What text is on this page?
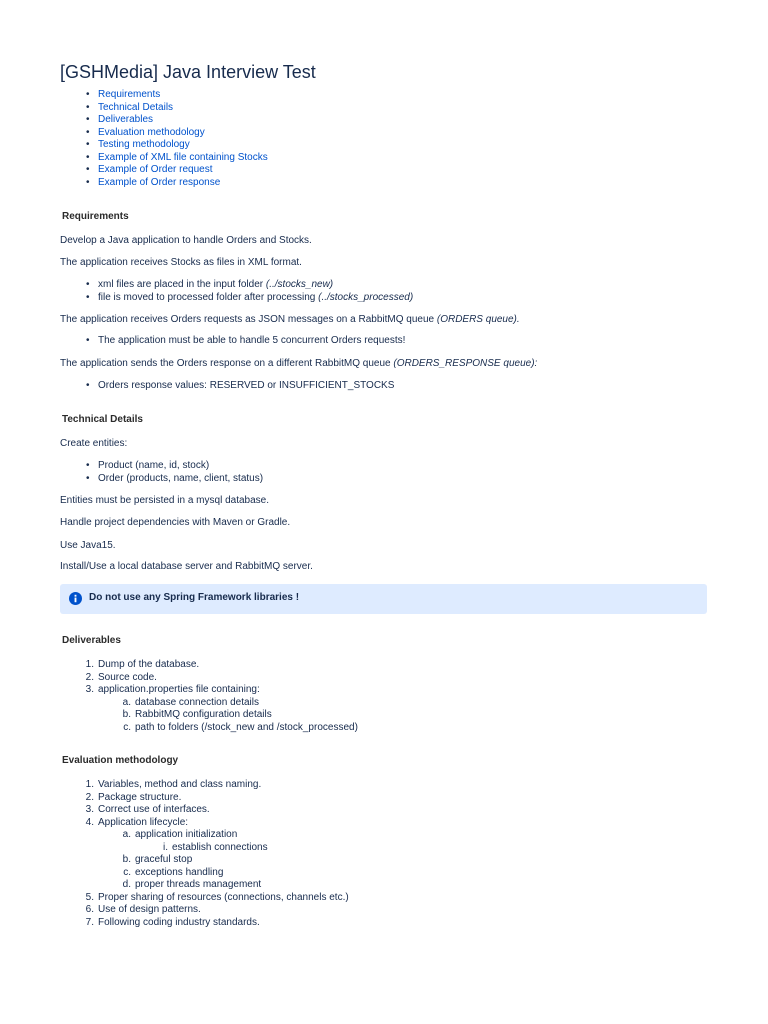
[GSHMedia] Java Interview Test
• Requirements
• Technical Details
• Deliverables
• Evaluation methodology
• Testing methodology
• Example of XML file containing Stocks
• Example of Order request
• Example of Order response
Requirements

Develop a Java application to handle Orders and Stocks.

The application receives Stocks as files in XML format.

• xml files are placed in the input folder (../stocks_new)
• file is moved to processed folder after processing (../stocks_processed)

The application receives Orders requests as JSON messages on a RabbitMQ queue (ORDERS queue).

• The application must be able to handle 5 concurrent Orders requests!

The application sends the Orders response on a different RabbitMQ queue (ORDERS_RESPONSE queue):

• Orders response values: RESERVED or INSUFFICIENT_STOCKS
Technical Details

Create entities:

• Product (name, id, stock)
• Order (products, name, client, status)

Entities must be persisted in a mysql database.

Handle project dependencies with Maven or Gradle.

Use Java15.

Install/Use a local database server and RabbitMQ server.

Do not use any Spring Framework libraries !
Deliverables
1. Dump of the database.
2. Source code.
3. application.properties file containing:
a. database connection details
b. RabbitMQ configuration details
c. path to folders (/stock_new and /stock_processed)
Evaluation methodology
1. Variables, method and class naming.
2. Package structure.
3. Correct use of interfaces.
4. Application lifecycle:
a. application initialization
i. establish connections
b. graceful stop
c. exceptions handling
d. proper threads management
5. Proper sharing of resources (connections, channels etc.)
6. Use of design patterns.
7. Following coding industry standards.
